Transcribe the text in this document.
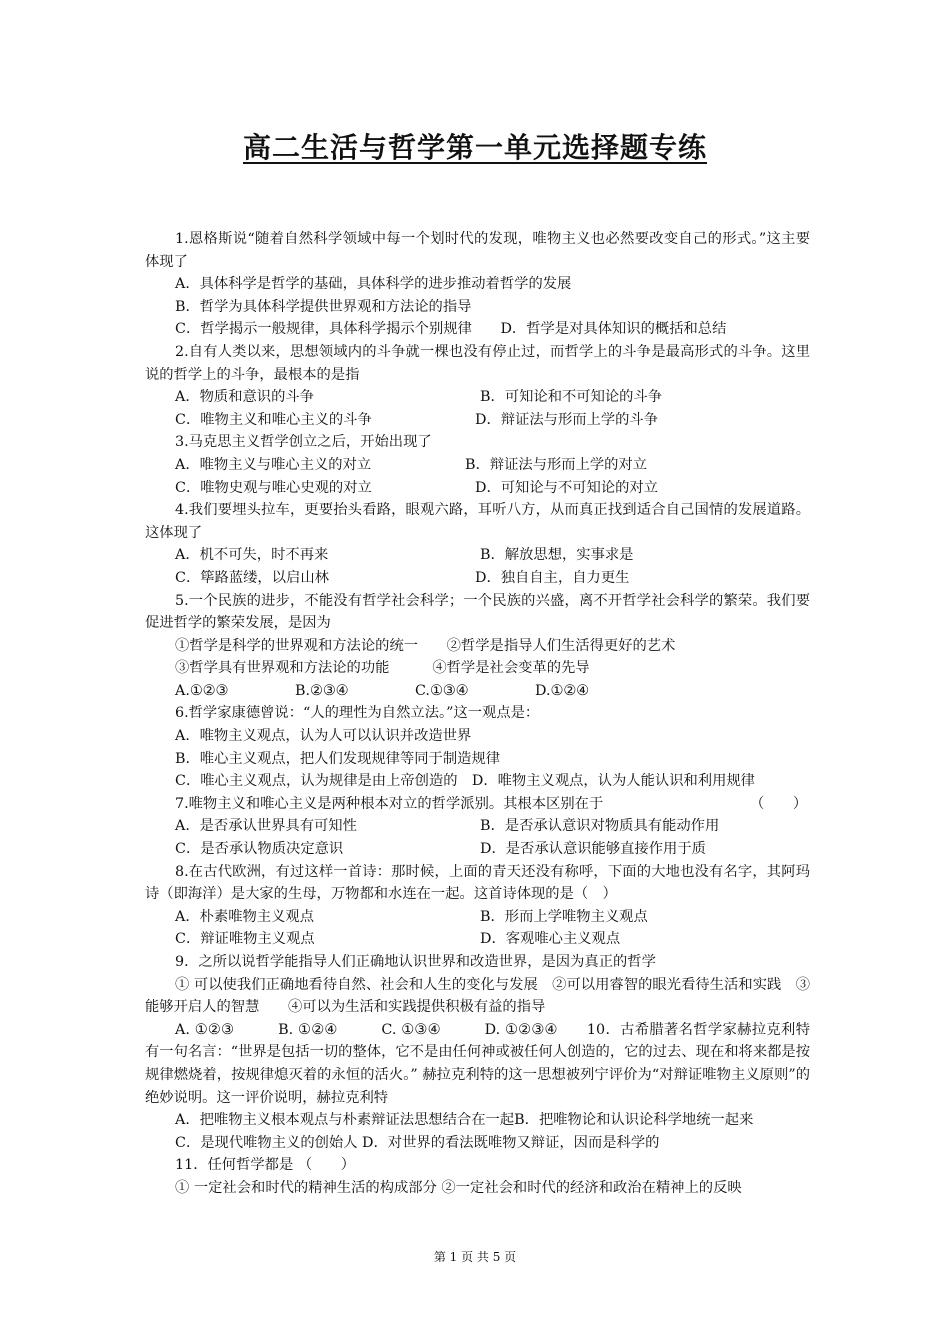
高二生活与哲学第一单元选择题专练
1.恩格斯说“随着自然科学领域中每一个划时代的发现，唯物主义也必然要改变自己的形式。”这主要体现了
A．具体科学是哲学的基础，具体科学的进步推动着哲学的发展
B．哲学为具体科学提供世界观和方法论的指导
C．哲学揭示一般规律，具体科学揭示个别规律　　D．哲学是对具体知识的概括和总结
2.自有人类以来，思想领域内的斗争就一棵也没有停止过，而哲学上的斗争是最高形式的斗争。这里说的哲学上的斗争，最根本的是指
A．物质和意识的斗争	B．可知论和不可知论的斗争
C．唯物主义和唯心主义的斗争	D．辩证法与形而上学的斗争
3.马克思主义哲学创立之后，开始出现了
A．唯物主义与唯心主义的对立	B．辩证法与形而上学的对立
C．唯物史观与唯心史观的对立	D．可知论与不可知论的对立
4.我们要埋头拉车，更要抬头看路，眼观六路，耳听八方，从而真正找到适合自己国情的发展道路。这体现了
A．机不可失，时不再来	B．解放思想，实事求是
C．筚路蓝缕，以启山林	D．独自自主，自力更生
5.一个民族的进步，不能没有哲学社会科学；一个民族的兴盛，离不开哲学社会科学的繁荣。我们要促进哲学的繁荣发展，是因为
①哲学是科学的世界观和方法论的统一　　②哲学是指导人们生活得更好的艺术
③哲学具有世界观和方法论的功能　　　④哲学是社会变革的先导
A.①②③	B.②③④	C.①③④	D.①②④
6.哲学家康德曾说：“人的理性为自然立法。”这一观点是：
A．唯物主义观点，认为人可以认识并改造世界
B．唯心主义观点，把人们发现规律等同于制造规律
C．唯心主义观点，认为规律是由上帝创造的　D．唯物主义观点，认为人能认识和利用规律
7.唯物主义和唯心主义是两种根本对立的哲学派别。其根本区别在于	（　　）
A．是否承认世界具有可知性	B．是否承认意识对物质具有能动作用
C．是否承认物质决定意识	D．是否承认意识能够直接作用于质
8.在古代欧洲，有过这样一首诗：那时候，上面的青天还没有称呼，下面的大地也没有名字，其阿玛诗（即海洋）是大家的生母，万物都和水连在一起。这首诗体现的是（　）
A．朴素唯物主义观点	B．形而上学唯物主义观点
C．辩证唯物主义观点	D．客观唯心主义观点
9．之所以说哲学能指导人们正确地认识世界和改造世界，是因为真正的哲学
① 可以使我们正确地看待自然、社会和人生的变化与发展　②可以用睿智的眼光看待生活和实践　③能够开启人的智慧　　④可以为生活和实践提供积极有益的指导
A. ①②③　　　B. ①②④　　　C. ①③④　　　D. ①②③④　　10．古希腊著名哲学家赫拉克利特有一句名言：“世界是包括一切的整体，它不是由任何神或被任何人创造的，它的过去、现在和将来都是按规律燃烧着，按规律熄灭着的永恒的活火。” 赫拉克利特的这一思想被列宁评价为“对辩证唯物主义原则”的绝妙说明。这一评价说明，赫拉克利特
A．把唯物主义根本观点与朴素辩证法思想结合在一起B．把唯物论和认识论科学地统一起来
C．是现代唯物主义的创始人 D．对世界的看法既唯物又辩证，因而是科学的
11．任何哲学都是 （　　）
① 一定社会和时代的精神生活的构成部分 ②一定社会和时代的经济和政治在精神上的反映
第 1 页 共 5 页
